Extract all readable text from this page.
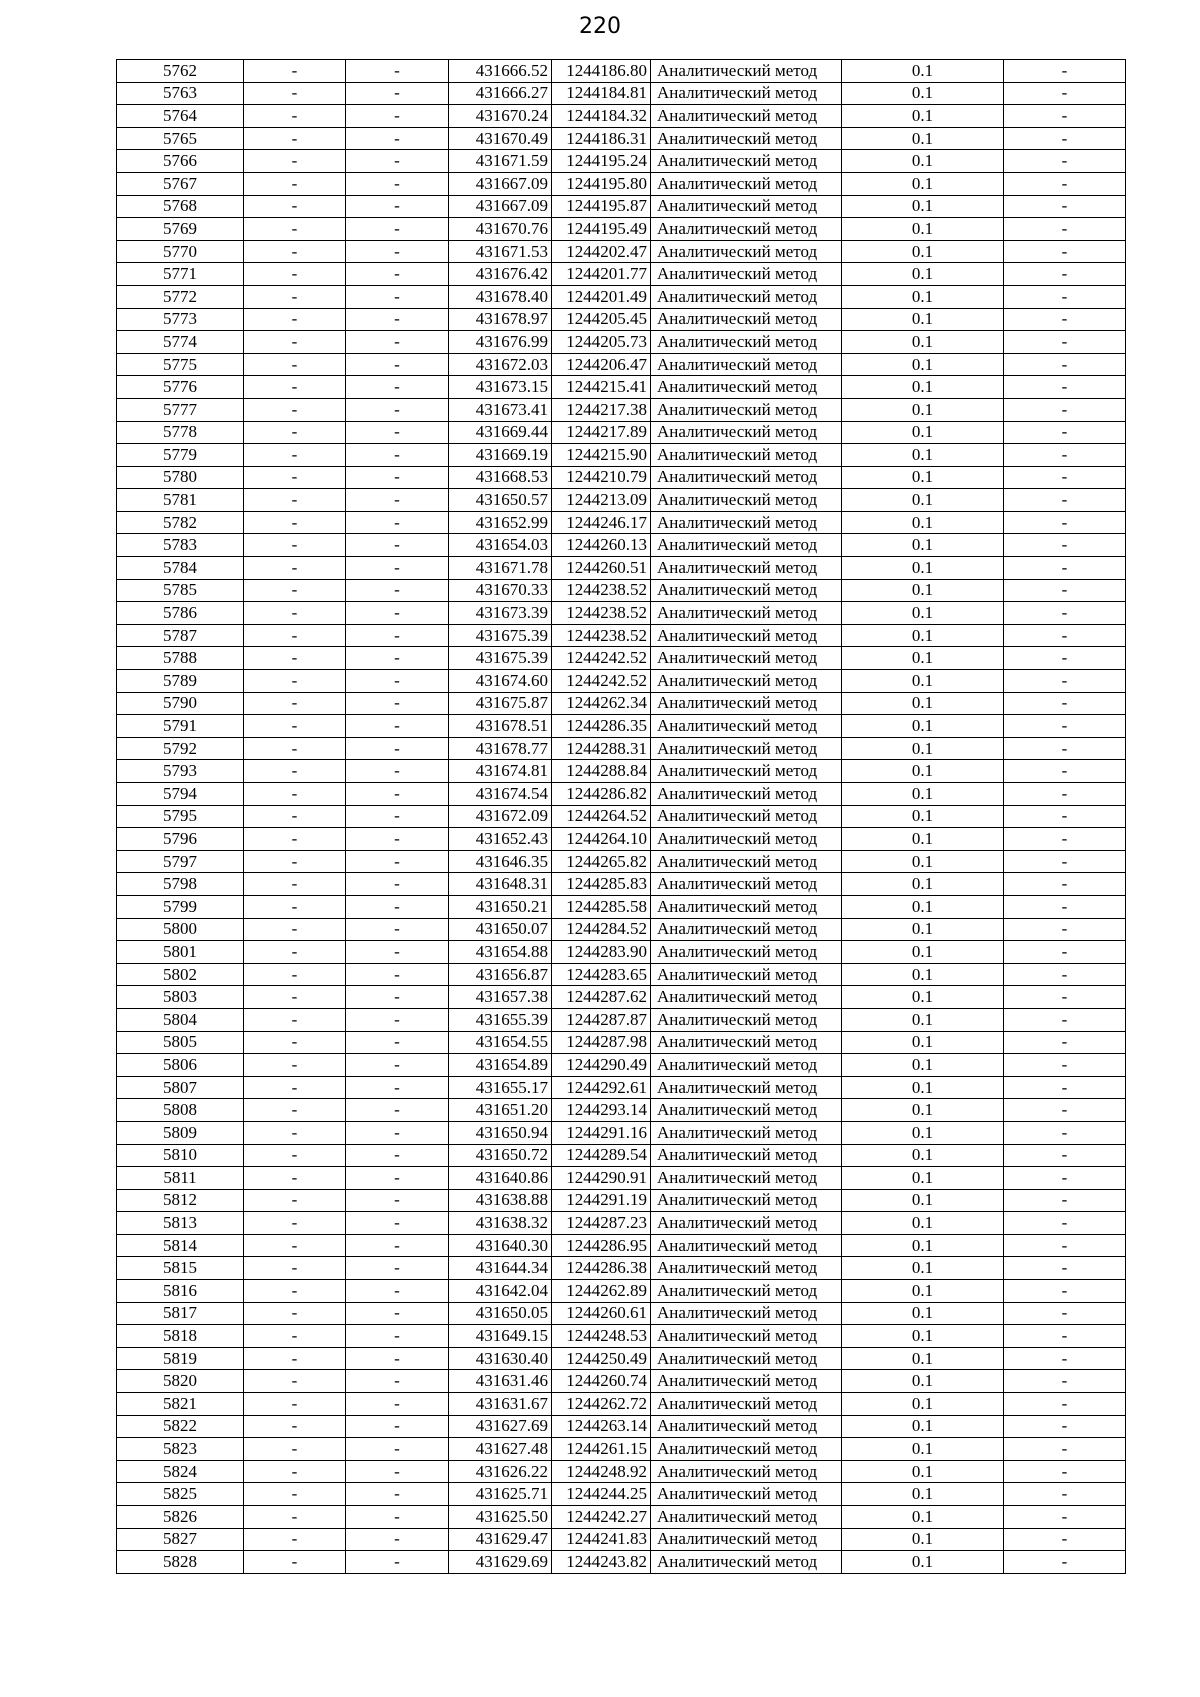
220
5762	-	-	431666.52	1244186.80	Аналитический метод	0.1	-
5763	-	-	431666.27	1244184.81	Аналитический метод	0.1	-
5764	-	-	431670.24	1244184.32	Аналитический метод	0.1	-
5765	-	-	431670.49	1244186.31	Аналитический метод	0.1	-
5766	-	-	431671.59	1244195.24	Аналитический метод	0.1	-
5767	-	-	431667.09	1244195.80	Аналитический метод	0.1	-
5768	-	-	431667.09	1244195.87	Аналитический метод	0.1	-
5769	-	-	431670.76	1244195.49	Аналитический метод	0.1	-
5770	-	-	431671.53	1244202.47	Аналитический метод	0.1	-
5771	-	-	431676.42	1244201.77	Аналитический метод	0.1	-
5772	-	-	431678.40	1244201.49	Аналитический метод	0.1	-
5773	-	-	431678.97	1244205.45	Аналитический метод	0.1	-
5774	-	-	431676.99	1244205.73	Аналитический метод	0.1	-
5775	-	-	431672.03	1244206.47	Аналитический метод	0.1	-
5776	-	-	431673.15	1244215.41	Аналитический метод	0.1	-
5777	-	-	431673.41	1244217.38	Аналитический метод	0.1	-
5778	-	-	431669.44	1244217.89	Аналитический метод	0.1	-
5779	-	-	431669.19	1244215.90	Аналитический метод	0.1	-
5780	-	-	431668.53	1244210.79	Аналитический метод	0.1	-
5781	-	-	431650.57	1244213.09	Аналитический метод	0.1	-
5782	-	-	431652.99	1244246.17	Аналитический метод	0.1	-
5783	-	-	431654.03	1244260.13	Аналитический метод	0.1	-
5784	-	-	431671.78	1244260.51	Аналитический метод	0.1	-
5785	-	-	431670.33	1244238.52	Аналитический метод	0.1	-
5786	-	-	431673.39	1244238.52	Аналитический метод	0.1	-
5787	-	-	431675.39	1244238.52	Аналитический метод	0.1	-
5788	-	-	431675.39	1244242.52	Аналитический метод	0.1	-
5789	-	-	431674.60	1244242.52	Аналитический метод	0.1	-
5790	-	-	431675.87	1244262.34	Аналитический метод	0.1	-
5791	-	-	431678.51	1244286.35	Аналитический метод	0.1	-
5792	-	-	431678.77	1244288.31	Аналитический метод	0.1	-
5793	-	-	431674.81	1244288.84	Аналитический метод	0.1	-
5794	-	-	431674.54	1244286.82	Аналитический метод	0.1	-
5795	-	-	431672.09	1244264.52	Аналитический метод	0.1	-
5796	-	-	431652.43	1244264.10	Аналитический метод	0.1	-
5797	-	-	431646.35	1244265.82	Аналитический метод	0.1	-
5798	-	-	431648.31	1244285.83	Аналитический метод	0.1	-
5799	-	-	431650.21	1244285.58	Аналитический метод	0.1	-
5800	-	-	431650.07	1244284.52	Аналитический метод	0.1	-
5801	-	-	431654.88	1244283.90	Аналитический метод	0.1	-
5802	-	-	431656.87	1244283.65	Аналитический метод	0.1	-
5803	-	-	431657.38	1244287.62	Аналитический метод	0.1	-
5804	-	-	431655.39	1244287.87	Аналитический метод	0.1	-
5805	-	-	431654.55	1244287.98	Аналитический метод	0.1	-
5806	-	-	431654.89	1244290.49	Аналитический метод	0.1	-
5807	-	-	431655.17	1244292.61	Аналитический метод	0.1	-
5808	-	-	431651.20	1244293.14	Аналитический метод	0.1	-
5809	-	-	431650.94	1244291.16	Аналитический метод	0.1	-
5810	-	-	431650.72	1244289.54	Аналитический метод	0.1	-
5811	-	-	431640.86	1244290.91	Аналитический метод	0.1	-
5812	-	-	431638.88	1244291.19	Аналитический метод	0.1	-
5813	-	-	431638.32	1244287.23	Аналитический метод	0.1	-
5814	-	-	431640.30	1244286.95	Аналитический метод	0.1	-
5815	-	-	431644.34	1244286.38	Аналитический метод	0.1	-
5816	-	-	431642.04	1244262.89	Аналитический метод	0.1	-
5817	-	-	431650.05	1244260.61	Аналитический метод	0.1	-
5818	-	-	431649.15	1244248.53	Аналитический метод	0.1	-
5819	-	-	431630.40	1244250.49	Аналитический метод	0.1	-
5820	-	-	431631.46	1244260.74	Аналитический метод	0.1	-
5821	-	-	431631.67	1244262.72	Аналитический метод	0.1	-
5822	-	-	431627.69	1244263.14	Аналитический метод	0.1	-
5823	-	-	431627.48	1244261.15	Аналитический метод	0.1	-
5824	-	-	431626.22	1244248.92	Аналитический метод	0.1	-
5825	-	-	431625.71	1244244.25	Аналитический метод	0.1	-
5826	-	-	431625.50	1244242.27	Аналитический метод	0.1	-
5827	-	-	431629.47	1244241.83	Аналитический метод	0.1	-
5828	-	-	431629.69	1244243.82	Аналитический метод	0.1	-
